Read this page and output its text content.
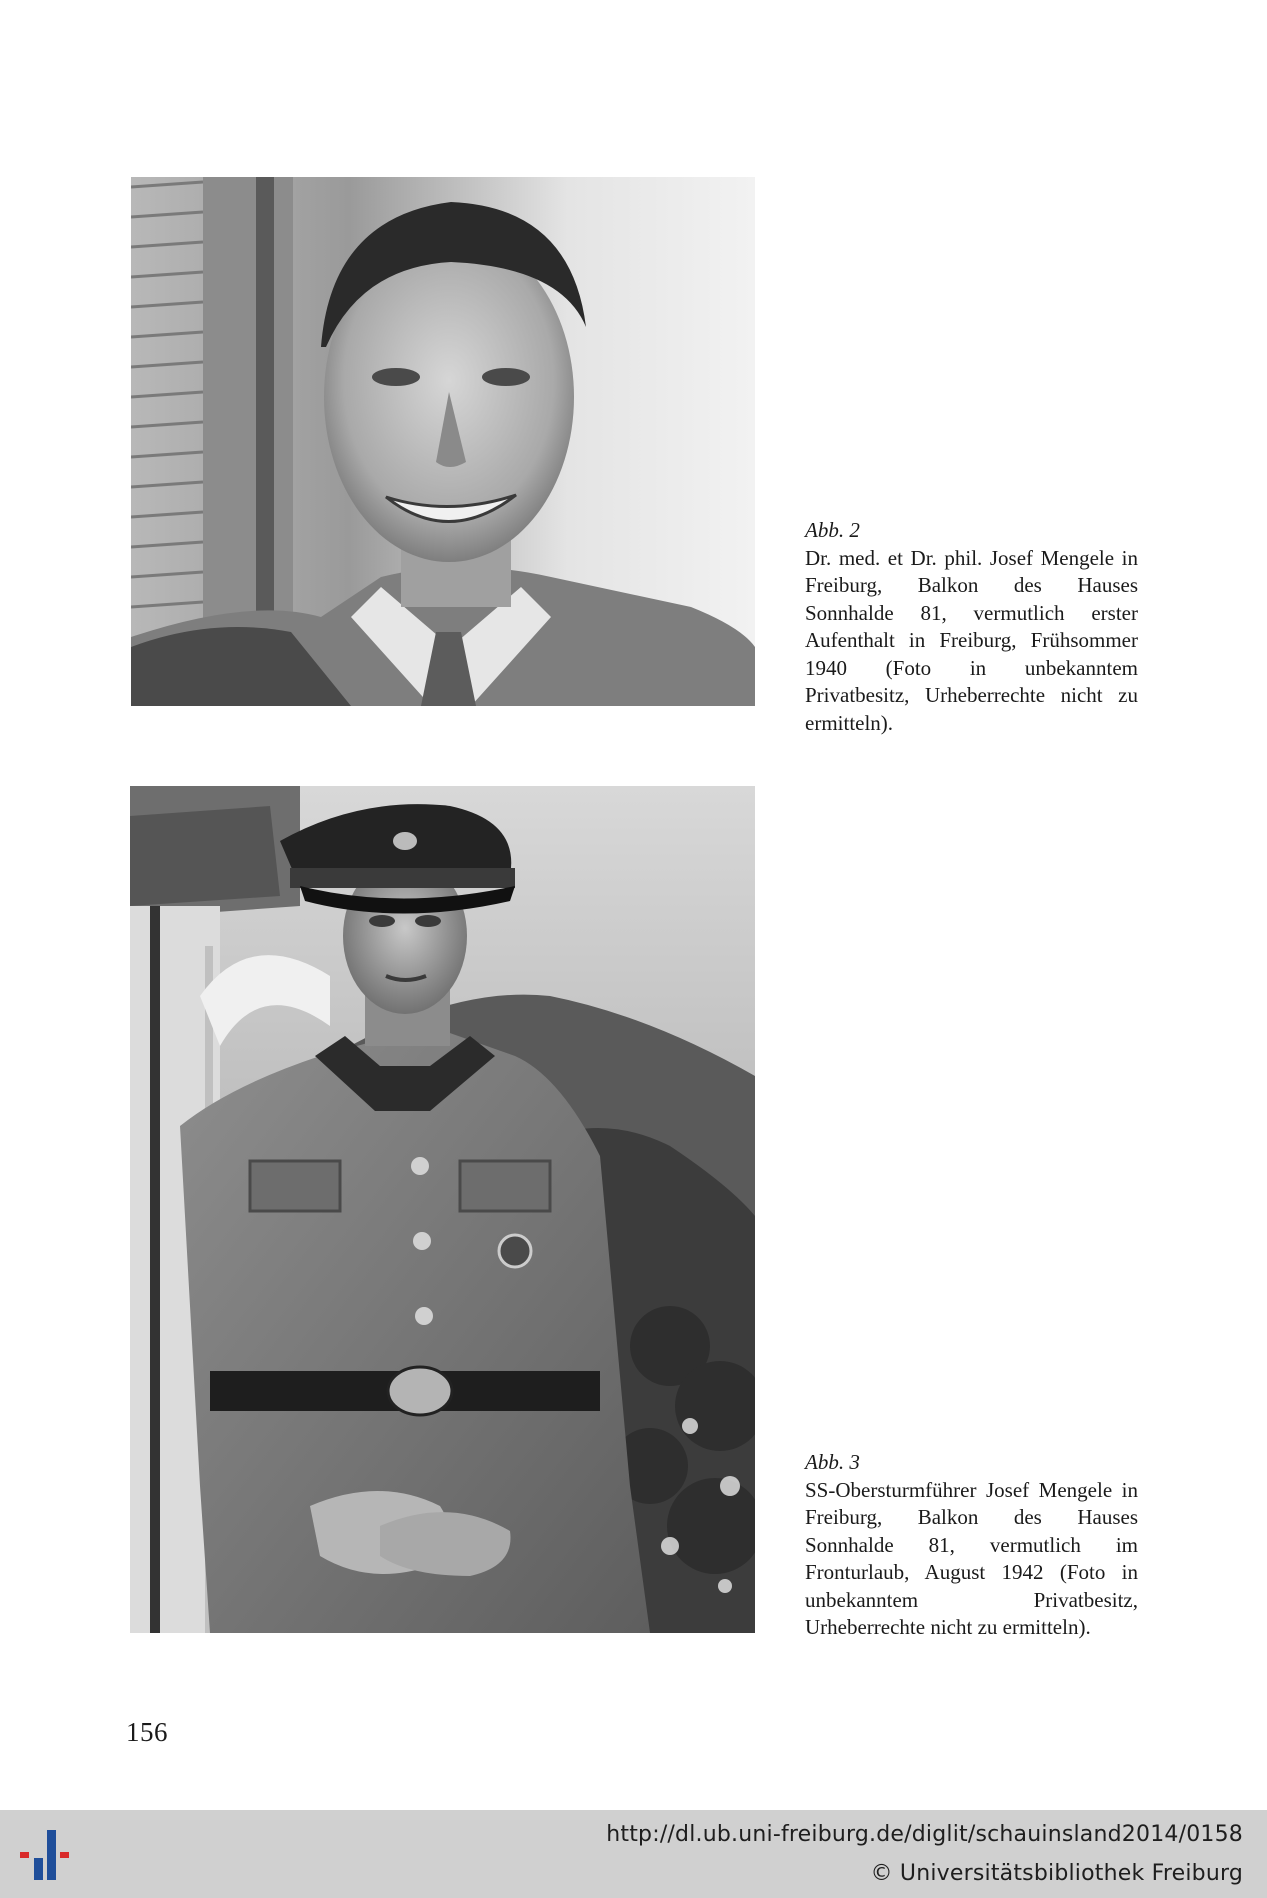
Abb. 2
Dr. med. et Dr. phil. Josef Mengele in Freiburg, Balkon des Hauses Sonnhalde 81, vermutlich erster Aufenthalt in Freiburg, Frühsommer 1940 (Foto in unbekanntem Privatbesitz, Urheberrechte nicht zu ermitteln).
Abb. 3
SS-Obersturmführer Josef Mengele in Freiburg, Balkon des Hauses Sonnhalde 81, vermutlich im Fronturlaub, August 1942 (Foto in unbekanntem Privatbesitz, Urheberrechte nicht zu ermitteln).
156
http://dl.ub.uni-freiburg.de/diglit/schauinsland2014/0158
© Universitätsbibliothek Freiburg
